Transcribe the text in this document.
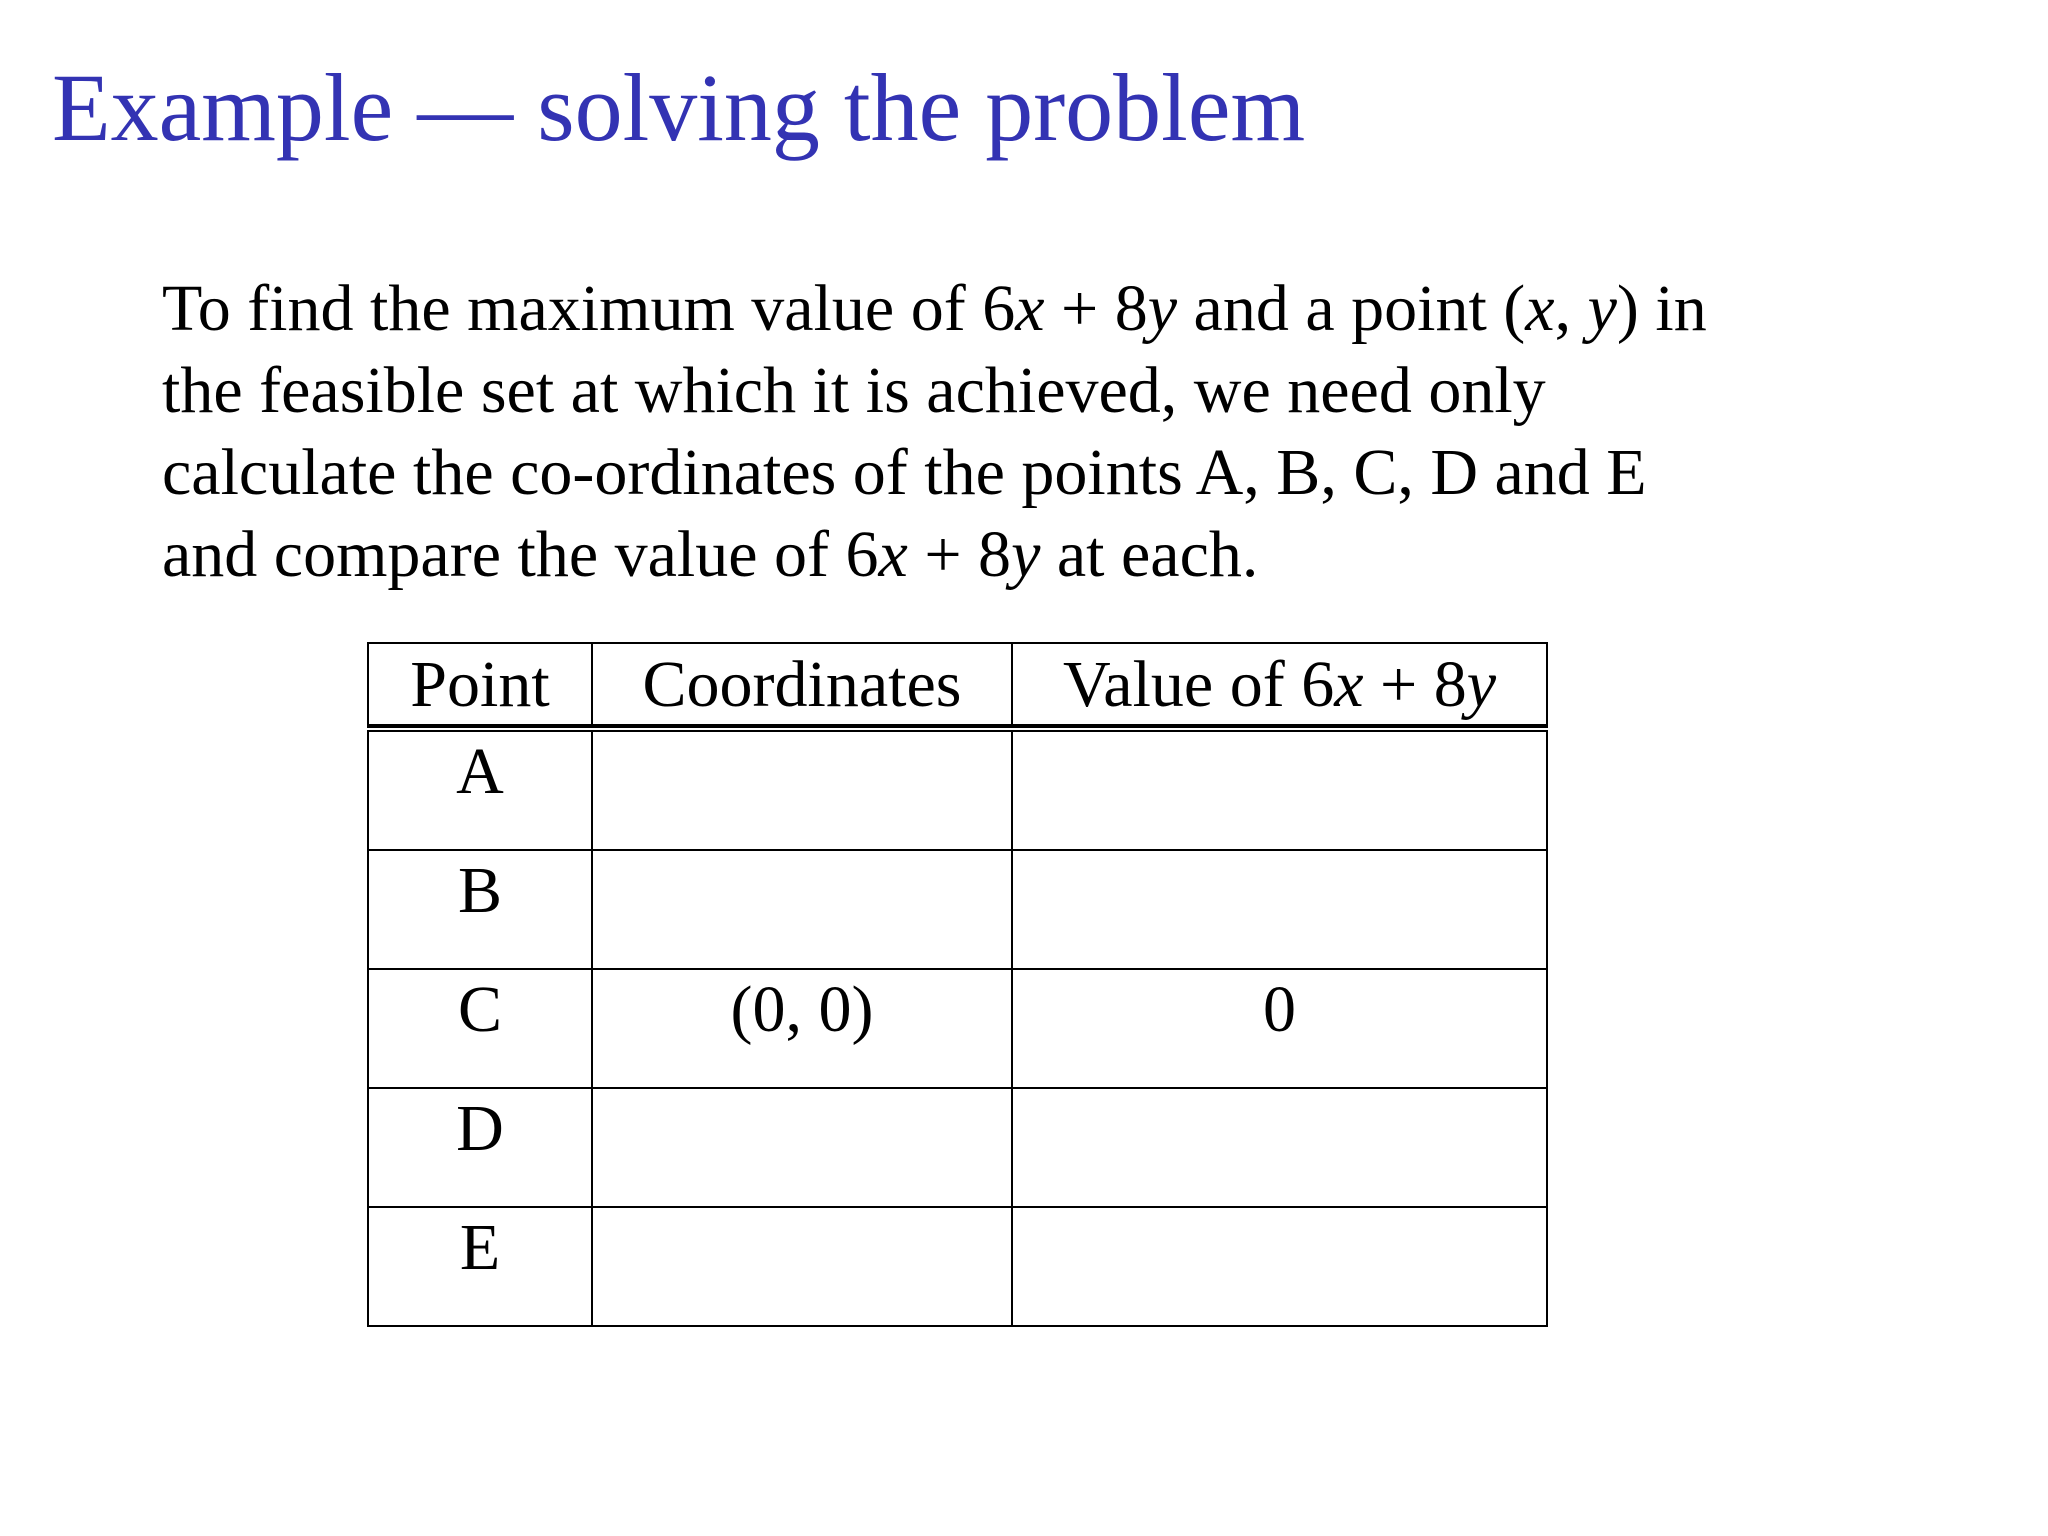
Example — solving the problem

To find the maximum value of 6x + 8y and a point (x, y) in
the feasible set at which it is achieved, we need only
calculate the co-ordinates of the points A, B, C, D and E
and compare the value of 6x + 8y at each.

Point	Coordinates	Value of 6x + 8y
A		
B		
C	(0, 0)	0
D		
E		
